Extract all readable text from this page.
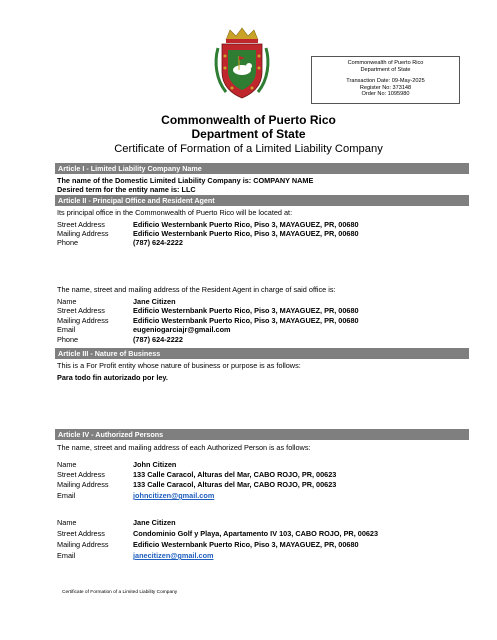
Commonwealth of Puerto Rico
Department of State
Transaction Date: 09-May-2025
Register No: 373148
Order No: 1095980
Commonwealth of Puerto Rico
Department of State
Certificate of Formation of a Limited Liability Company
Article I - Limited Liability Company Name
The name of the Domestic Limited Liability Company is: COMPANY NAME
Desired term for the entity name is: LLC
Article II - Principal Office and Resident Agent
Its principal office in the Commonwealth of Puerto Rico will be located at:
Street Address	Edificio Westernbank Puerto Rico, Piso 3, MAYAGUEZ, PR, 00680
Mailing Address	Edificio Westernbank Puerto Rico, Piso 3, MAYAGUEZ, PR, 00680
Phone	(787) 624-2222
The name, street and mailing address of the Resident Agent in charge of said office is:
Name	Jane Citizen
Street Address	Edificio Westernbank Puerto Rico, Piso 3, MAYAGUEZ, PR, 00680
Mailing Address	Edificio Westernbank Puerto Rico, Piso 3, MAYAGUEZ, PR, 00680
Email	eugeniogarciajr@gmail.com
Phone	(787) 624-2222
Article III - Nature of Business
This is a For Profit entity whose nature of business or purpose is as follows:
Para todo fin autorizado por ley.
Article IV - Authorized Persons
The name, street and mailing address of each Authorized Person is as follows:
Name	John Citizen
Street Address	133 Calle Caracol, Alturas del Mar, CABO ROJO, PR, 00623
Mailing Address	133 Calle Caracol, Alturas del Mar, CABO ROJO, PR, 00623
Email	johncitizen@gmail.com
Name	Jane Citizen
Street Address	Condominio Golf y Playa, Apartamento IV 103, CABO ROJO, PR, 00623
Mailing Address	Edificio Westernbank Puerto Rico, Piso 3, MAYAGUEZ, PR, 00680
Email	janecitizen@gmail.com
Certificate of Formation of a Limited Liability Company
